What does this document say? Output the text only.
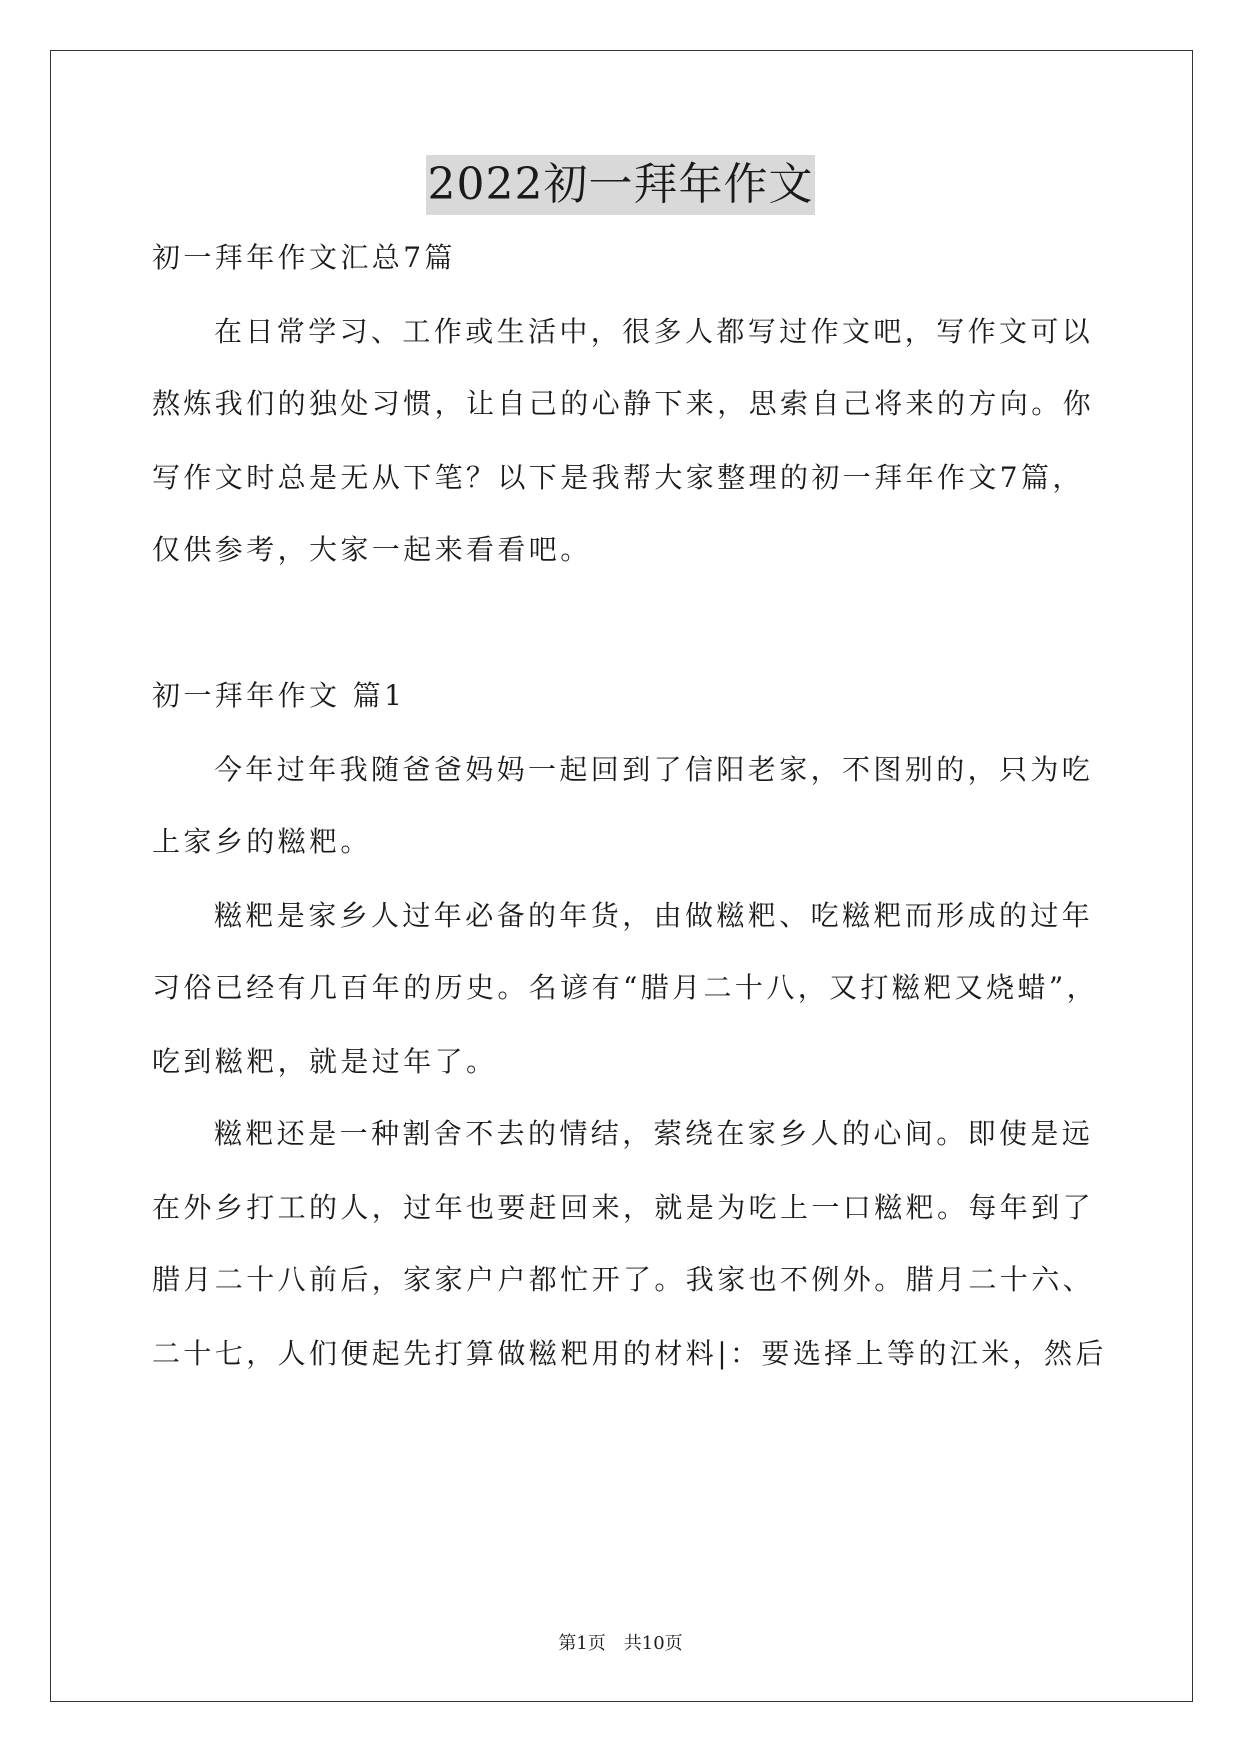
2022初一拜年作文
初一拜年作文汇总7篇
在日常学习、工作或生活中，很多人都写过作文吧，写作文可以
熬炼我们的独处习惯，让自己的心静下来，思索自己将来的方向。你
写作文时总是无从下笔？以下是我帮大家整理的初一拜年作文7篇，
仅供参考，大家一起来看看吧。
初一拜年作文 篇1
今年过年我随爸爸妈妈一起回到了信阳老家，不图别的，只为吃
上家乡的糍粑。
糍粑是家乡人过年必备的年货，由做糍粑、吃糍粑而形成的过年
习俗已经有几百年的历史。名谚有“腊月二十八，又打糍粑又烧蜡”，
吃到糍粑，就是过年了。
糍粑还是一种割舍不去的情结，萦绕在家乡人的心间。即使是远
在外乡打工的人，过年也要赶回来，就是为吃上一口糍粑。每年到了
腊月二十八前后，家家户户都忙开了。我家也不例外。腊月二十六、
二十七，人们便起先打算做糍粑用的材料|：要选择上等的江米，然后
第1页　共10页
